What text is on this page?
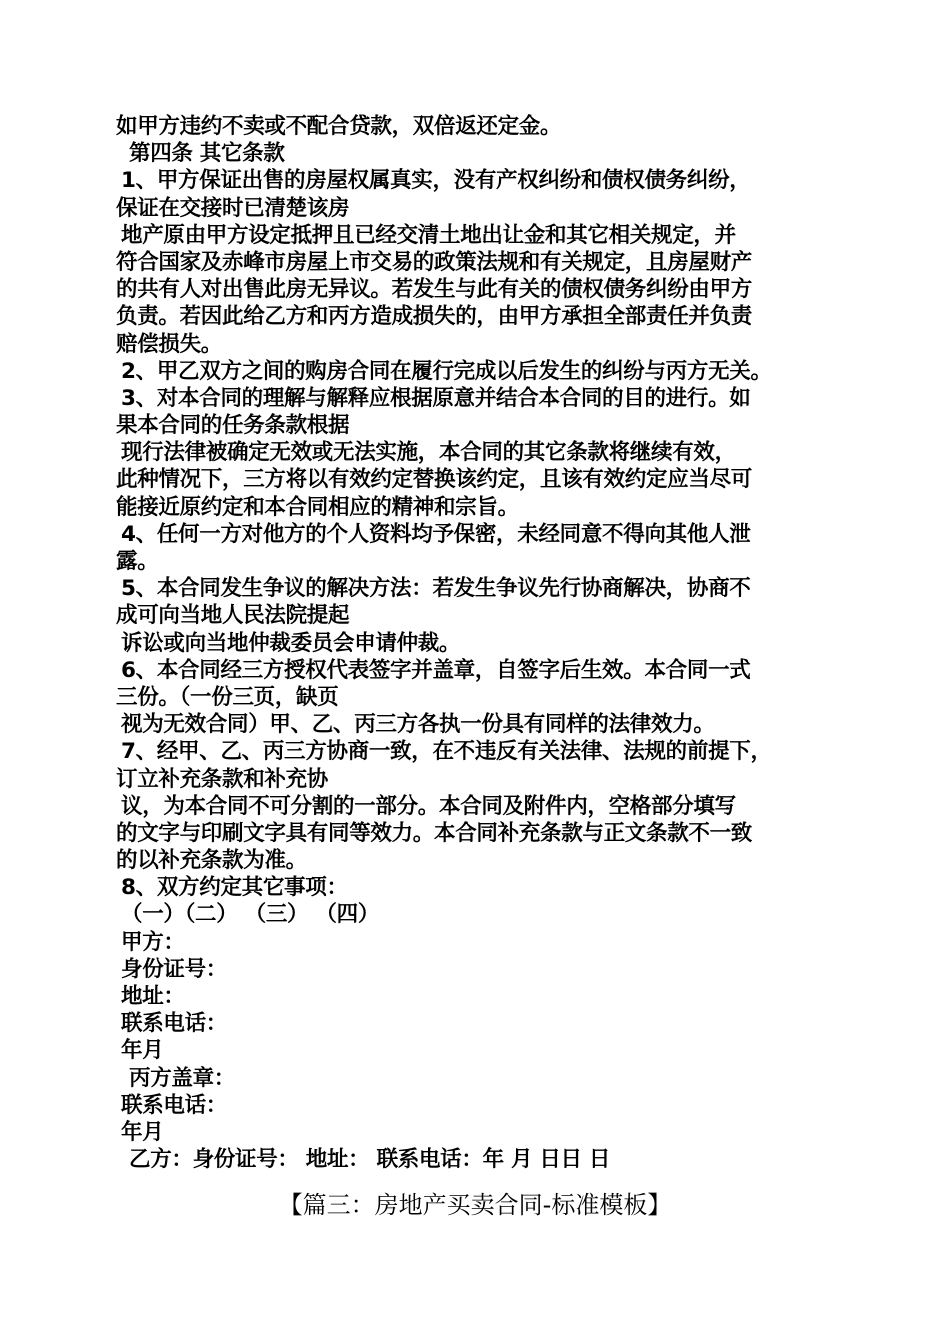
如甲方违约不卖或不配合贷款，双倍返还定金。
第四条 其它条款
1、甲方保证出售的房屋权属真实，没有产权纠纷和债权债务纠纷，
保证在交接时已清楚该房
地产原由甲方设定抵押且已经交清土地出让金和其它相关规定，并
符合国家及赤峰市房屋上市交易的政策法规和有关规定，且房屋财产
的共有人对出售此房无异议。若发生与此有关的债权债务纠纷由甲方
负责。若因此给乙方和丙方造成损失的，由甲方承担全部责任并负责
赔偿损失。
2、甲乙双方之间的购房合同在履行完成以后发生的纠纷与丙方无关。
3、对本合同的理解与解释应根据原意并结合本合同的目的进行。如
果本合同的任务条款根据
现行法律被确定无效或无法实施，本合同的其它条款将继续有效，
此种情况下，三方将以有效约定替换该约定，且该有效约定应当尽可
能接近原约定和本合同相应的精神和宗旨。
4、任何一方对他方的个人资料均予保密，未经同意不得向其他人泄
露。
5、本合同发生争议的解决方法：若发生争议先行协商解决，协商不
成可向当地人民法院提起
诉讼或向当地仲裁委员会申请仲裁。
6、本合同经三方授权代表签字并盖章，自签字后生效。本合同一式
三份。（一份三页，缺页
视为无效合同）甲、乙、丙三方各执一份具有同样的法律效力。
7、经甲、乙、丙三方协商一致，在不违反有关法律、法规的前提下，
订立补充条款和补充协
议，为本合同不可分割的一部分。本合同及附件内，空格部分填写
的文字与印刷文字具有同等效力。本合同补充条款与正文条款不一致
的以补充条款为准。
8、双方约定其它事项：
（一）（二） （三） （四）
甲方：
身份证号：
地址：
联系电话：
年月
丙方盖章：
联系电话：
年月
乙方：身份证号： 地址： 联系电话：年 月 日日 日
【篇三：房地产买卖合同-标准模板】
